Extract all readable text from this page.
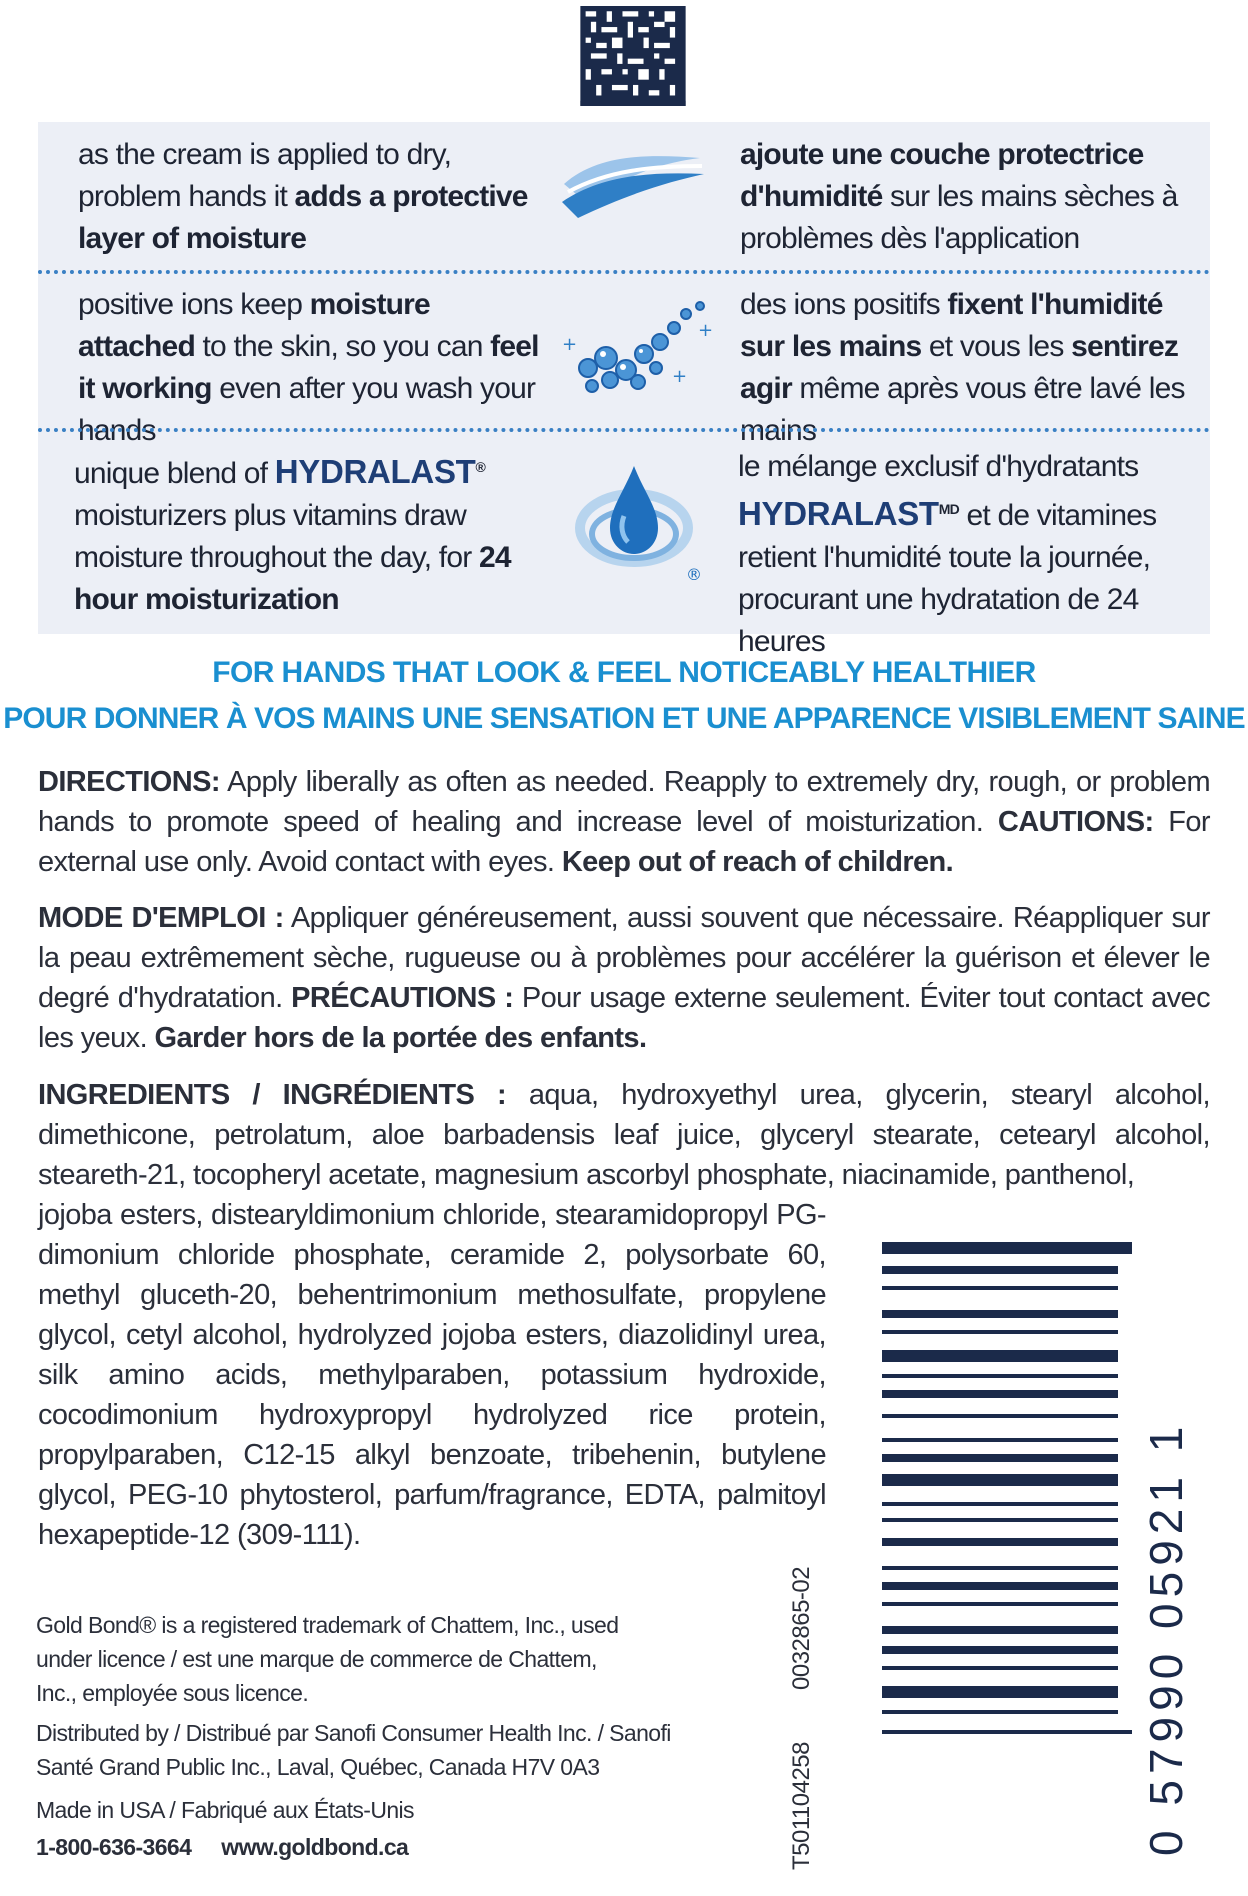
as the cream is applied to dry, problem hands it adds a protective layer of moisture
ajoute une couche protectrice d'humidité sur les mains sèches à problèmes dès l'application
positive ions keep moisture attached to the skin, so you can feel it working even after you wash your hands
+
+
+
des ions positifs fixent l'humidité sur les mains et vous les sentirez agir même après vous être lavé les mains
unique blend of HYDRALAST®
moisturizers plus vitamins draw moisture throughout the day, for 24 hour moisturization
®
le mélange exclusif d'hydratants
$HYDRALAST^{MD}$ et de vitamines retient l'humidité toute la journée, procurant une hydratation de 24 heures
FOR HANDS THAT LOOK & FEEL NOTICEABLY HEALTHIER
POUR DONNER À VOS MAINS UNE SENSATION ET UNE APPARENCE VISIBLEMENT SAINE
DIRECTIONS: Apply liberally as often as needed. Reapply to extremely dry, rough, or problem hands to promote speed of healing and increase level of moisturization. CAUTIONS: For external use only. Avoid contact with eyes. Keep out of reach of children.
MODE D'EMPLOI : Appliquer généreusement, aussi souvent que nécessaire. Réappliquer sur la peau extrêmement sèche, rugueuse ou à problèmes pour accélérer la guérison et élever le degré d'hydratation. PRÉCAUTIONS : Pour usage externe seulement. Éviter tout contact avec les yeux. Garder hors de la portée des enfants.
INGREDIENTS / INGRÉDIENTS : aqua, hydroxyethyl urea, glycerin, stearyl alcohol, dimethicone, petrolatum, aloe barbadensis leaf juice, glyceryl stearate, cetearyl alcohol, steareth-21, tocopheryl acetate, magnesium ascorbyl phosphate, niacinamide, panthenol,
jojoba esters, distearyldimonium chloride, stearamidopropyl PG-dimonium chloride phosphate, ceramide 2, polysorbate 60, methyl gluceth-20, behentrimonium methosulfate, propylene glycol, cetyl alcohol, hydrolyzed jojoba esters, diazolidinyl urea, silk amino acids, methylparaben, potassium hydroxide, cocodimonium hydroxypropyl hydrolyzed rice protein, propylparaben, C12-15 alkyl benzoate, tribehenin, butylene glycol, PEG-10 phytosterol, parfum/fragrance, EDTA, palmitoyl hexapeptide-12 (309-111).	0 57990 05921 1
0032865-02
T501104258
Gold Bond® is a registered trademark of Chattem, Inc., used under licence / est une marque de commerce de Chattem, Inc., employée sous licence.
Distributed by / Distribué par Sanofi Consumer Health Inc. / Sanofi Santé Grand Public Inc., Laval, Québec, Canada H7V 0A3
Made in USA / Fabriqué aux États-Unis
1-800-636-3664 www.goldbond.ca
